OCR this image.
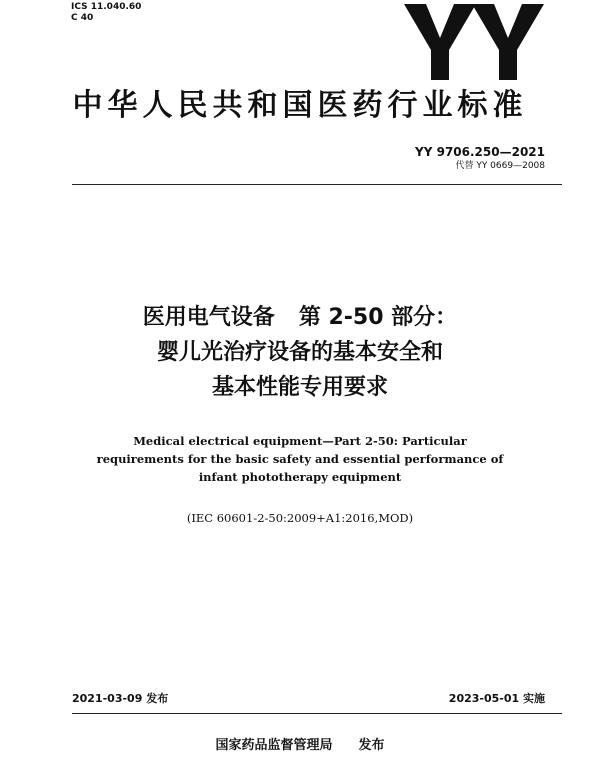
ICS 11.040.60
C 40
中华人民共和国医药行业标准
YY 9706.250—2021
代替 YY 0669—2008
医用电气设备 第 2-50 部分：
婴儿光治疗设备的基本安全和
基本性能专用要求
Medical electrical equipment—Part 2-50: Particular
requirements for the basic safety and essential performance of
infant phototherapy equipment
(IEC 60601-2-50:2009+A1:2016,MOD)
2021-03-09 发布	2023-05-01 实施
国家药品监督管理局 发布
